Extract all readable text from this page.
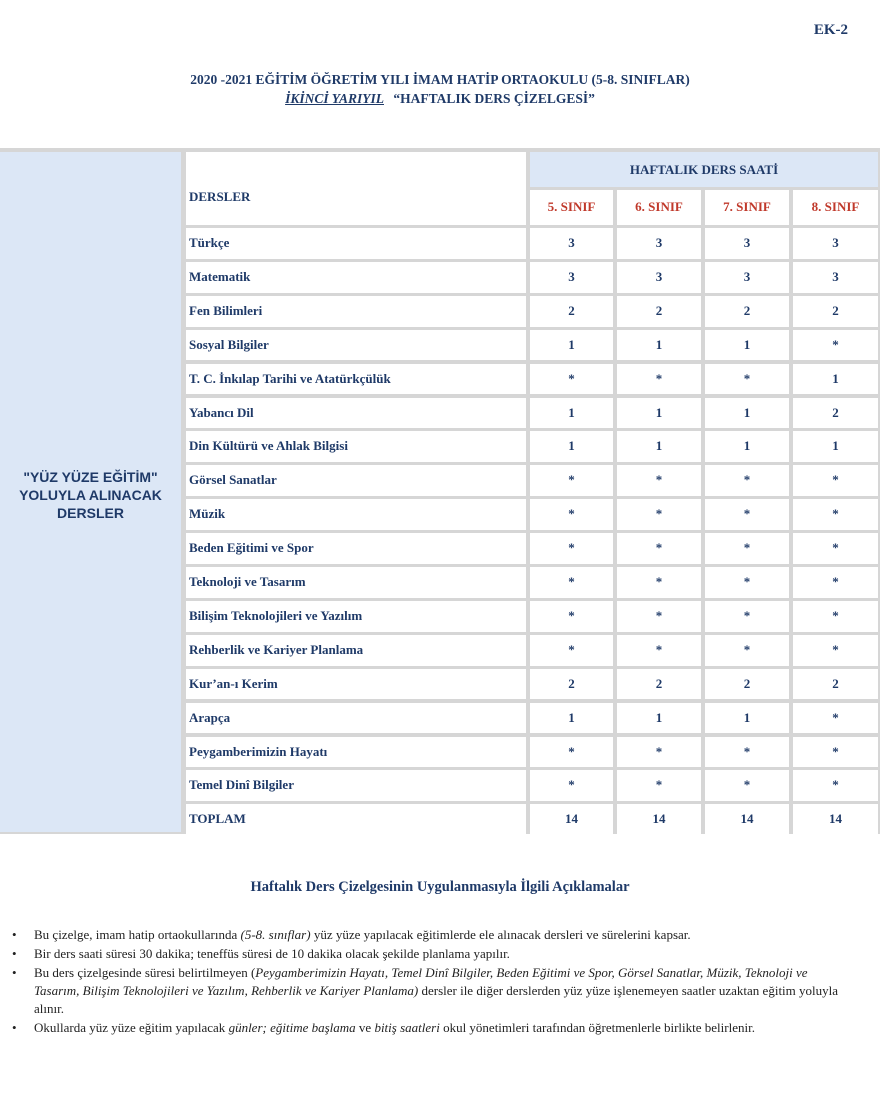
EK-2
2020 -2021 EĞİTİM ÖĞRETİM YILI İMAM HATİP ORTAOKULU (5-8. SINIFLAR)
İKİNCİ YARIYIL “HAFTALIK DERS ÇİZELGESİ”
"YÜZ YÜZE EĞİTİM"
YOLUYLA ALINACAK
DERSLER
DERSLER
HAFTALIK DERS SAATİ
5. SINIF	6. SINIF	7. SINIF	8. SINIF
Türkçe	3	3	3	3
Matematik	3	3	3	3
Fen Bilimleri	2	2	2	2
Sosyal Bilgiler	1	1	1	*
T. C. İnkılap Tarihi ve Atatürkçülük	*	*	*	1
Yabancı Dil	1	1	1	2
Din Kültürü ve Ahlak Bilgisi	1	1	1	1
Görsel Sanatlar	*	*	*	*
Müzik	*	*	*	*
Beden Eğitimi ve Spor	*	*	*	*
Teknoloji ve Tasarım	*	*	*	*
Bilişim Teknolojileri ve Yazılım	*	*	*	*
Rehberlik ve Kariyer Planlama	*	*	*	*
Kur’an-ı Kerim	2	2	2	2
Arapça	1	1	1	*
Peygamberimizin Hayatı	*	*	*	*
Temel Dinî Bilgiler	*	*	*	*
TOPLAM	14	14	14	14
Haftalık Ders Çizelgesinin Uygulanmasıyla İlgili Açıklamalar
• Bu çizelge, imam hatip ortaokullarında (5-8. sınıflar) yüz yüze yapılacak eğitimlerde ele alınacak dersleri ve sürelerini kapsar.
• Bir ders saati süresi 30 dakika; teneffüs süresi de 10 dakika olacak şekilde planlama yapılır.
• Bu ders çizelgesinde süresi belirtilmeyen (Peygamberimizin Hayatı, Temel Dinî Bilgiler, Beden Eğitimi ve Spor, Görsel Sanatlar, Müzik, Teknoloji ve Tasarım, Bilişim Teknolojileri ve Yazılım, Rehberlik ve Kariyer Planlama) dersler ile diğer derslerden yüz yüze işlenemeyen saatler uzaktan eğitim yoluyla alınır.
• Okullarda yüz yüze eğitim yapılacak günler; eğitime başlama ve bitiş saatleri okul yönetimleri tarafından öğretmenlerle birlikte belirlenir.
